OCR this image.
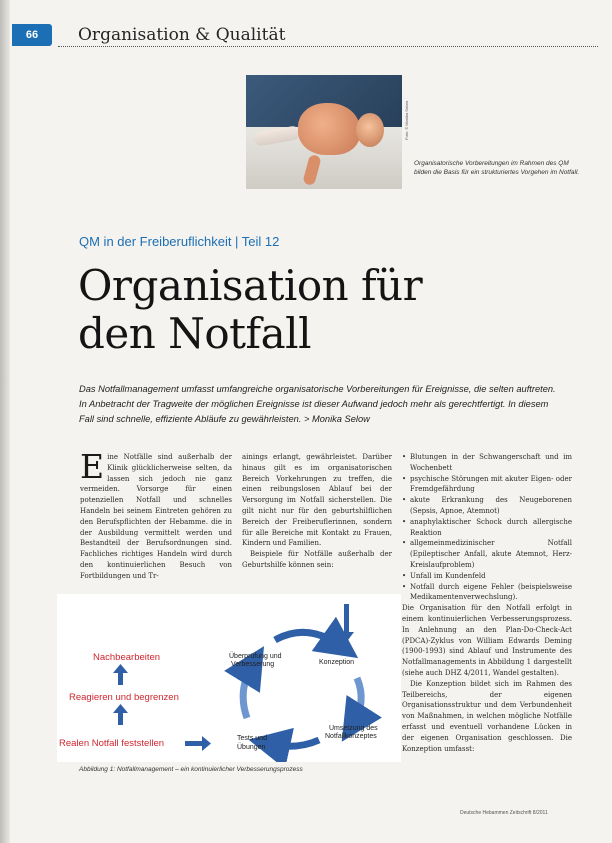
66	Organisation & Qualität
Foto: © Monika Selow
Organisatorische Vorbereitungen im Rahmen des QM bilden die Basis für ein strukturiertes Vorgehen im Notfall.
QM in der Freiberuflichkeit | Teil 12
Organisation für
den Notfall
Das Notfallmanagement umfasst umfangreiche organisatorische Vorbereitungen für Ereignisse, die selten auftreten. In Anbetracht der Tragweite der möglichen Ereignisse ist dieser Aufwand jedoch mehr als gerechtfertigt. In diesem Fall sind schnelle, effiziente Abläufe zu gewährleisten. > Monika Selow

Eine Notfälle sind außerhalb der Klinik glücklicherweise selten, da lassen sich jedoch nie ganz vermeiden. Vorsorge für einen potenziellen Notfall und schnelles Handeln bei seinem Eintreten gehören zu den Berufspflichten der Hebamme. die in der Ausbildung vermittelt werden und Bestandteil der Berufsordnungen sind. Fachliches richtiges Handeln wird durch den kontinuierlichen Besuch von Fortbildungen und Tr-

ainings erlangt, gewährleistet. Darüber hinaus gilt es im organisatorischen Bereich Vorkehrungen zu treffen, die einen reibungslosen Ablauf bei der Versorgung im Notfall sicherstellen. Die gilt nicht nur für den geburtshilflichen Bereich der Freiberuflerinnen, sondern für alle Bereiche mit Kontakt zu Frauen, Kindern und Familien.

Beispiele für Notfälle außerhalb der Geburtshilfe können sein:

• Blutungen in der Schwangerschaft und im Wochenbett
• psychische Störungen mit akuter Eigen- oder Fremdgefährdung
• akute Erkrankung des Neugeborenen (Sepsis, Apnoe, Atemnot)
• anaphylaktischer Schock durch allergische Reaktion
• allgemeinmedizinischer Notfall (Epileptischer Anfall, akute Atemnot, Herz-Kreislaufproblem)
• Unfall im Kundenfeld
• Notfall durch eigene Fehler (beispielsweise Medikamentenverwechslung).

Die Organisation für den Notfall erfolgt in einem kontinuierlichen Verbesserungsprozess. In Anlehnung an den Plan-Do-Check-Act (PDCA)-Zyklus von William Edwards Deming (1900-1993) sind Ablauf und Instrumente des Notfallmanagements in Abbildung 1 dargestellt (siehe auch DHZ 4/2011, Wandel gestalten).

Die Konzeption bildet sich im Rahmen des Teilbereichs, der eigenen Organisationsstruktur und dem Verbundenheit von Maßnahmen, in welchen mögliche Notfälle erfasst und eventuell vorhandene Lücken in der eigenen Organisation geschlossen. Die Konzeption umfasst:

Nachbearbeiten
Reagieren und begrenzen
Realen Notfall feststellen
Überprüfung und
Verbesserung	Konzeption
Tests und
Übungen
Umsetzung des
Notfallkonzeptes
Abbildung 1: Notfallmanagement – ein kontinuierlicher Verbesserungsprozess
Deutsche Hebammen Zeitschrift 8/2011
